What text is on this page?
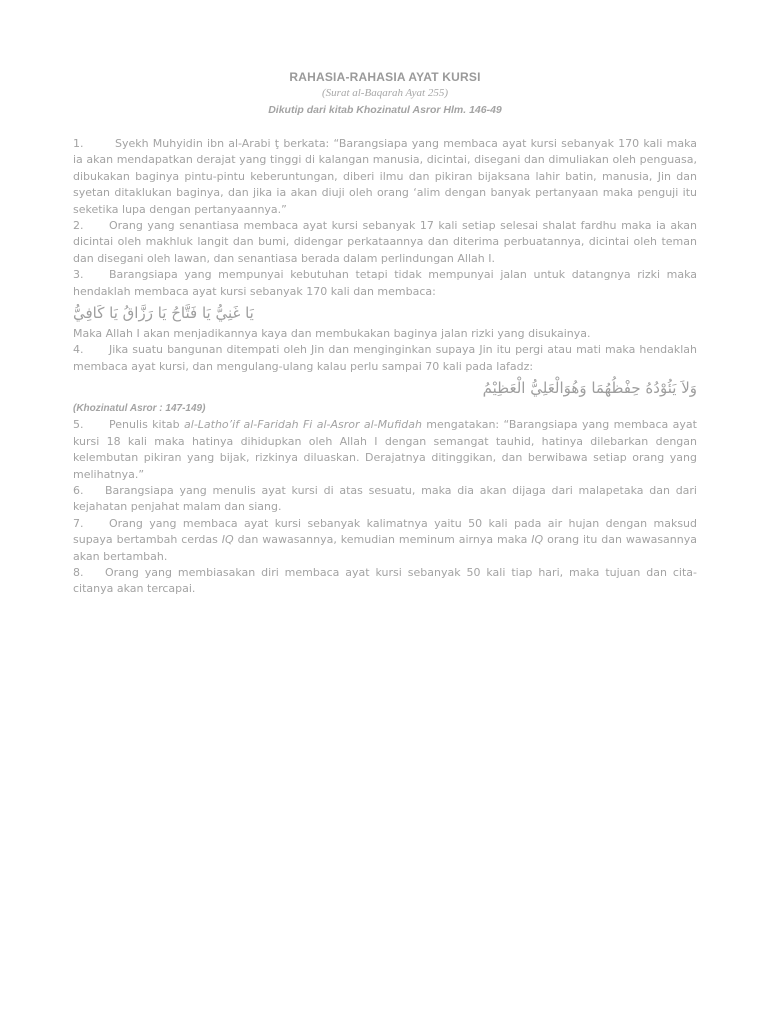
RAHASIA-RAHASIA AYAT KURSI
(Surat al-Baqarah Ayat 255)
Dikutip dari kitab Khozinatul Asror Hlm. 146-49

1.	Syekh Muhyidin ibn al-Arabi ţ berkata: “Barangsiapa yang membaca ayat kursi sebanyak 170 kali maka ia akan mendapatkan derajat yang tinggi di kalangan manusia, dicintai, disegani dan dimuliakan oleh penguasa, dibukakan baginya pintu-pintu keberuntungan, diberi ilmu dan pikiran bijaksana lahir batin, manusia, Jin dan syetan ditaklukan baginya, dan jika ia akan diuji oleh orang ‘alim dengan banyak pertanyaan maka penguji itu seketika lupa dengan pertanyaannya.”

2. Orang yang senantiasa membaca ayat kursi sebanyak 17 kali setiap selesai shalat fardhu maka ia akan dicintai oleh makhluk langit dan bumi, didengar perkataannya dan diterima perbuatannya, dicintai oleh teman dan disegani oleh lawan, dan senantiasa berada dalam perlindungan Allah I.

3. Barangsiapa yang mempunyai kebutuhan tetapi tidak mempunyai jalan untuk datangnya rizki maka hendaklah membaca ayat kursi sebanyak 170 kali dan membaca:

يَا غَنِيُّ يَا فَتَّاحُ يَا رَزَّاقُ يَا كَافِيُّ

Maka Allah I akan menjadikannya kaya dan membukakan baginya jalan rizki yang disukainya.

4. Jika suatu bangunan ditempati oleh Jin dan menginginkan supaya Jin itu pergi atau mati maka hendaklah membaca ayat kursi, dan mengulang-ulang kalau perlu sampai 70 kali pada lafadz:

وَلاَ يَئُوْدُهُ حِفْظُهُمَا وَهُوَالْعَلِيُّ الْعَظِيْمُ
(Khozinatul Asror : 147-149)

5. Penulis kitab al-Latho’if al-Faridah Fi al-Asror al-Mufidah mengatakan: “Barangsiapa yang membaca ayat kursi 18 kali maka hatinya dihidupkan oleh Allah I dengan semangat tauhid, hatinya dilebarkan dengan kelembutan pikiran yang bijak, rizkinya diluaskan. Derajatnya ditinggikan, dan berwibawa setiap orang yang melihatnya.”

6. Barangsiapa yang menulis ayat kursi di atas sesuatu, maka dia akan dijaga dari malapetaka dan dari kejahatan penjahat malam dan siang.

7. Orang yang membaca ayat kursi sebanyak kalimatnya yaitu 50 kali pada air hujan dengan maksud supaya bertambah cerdas IQ dan wawasannya, kemudian meminum airnya maka IQ orang itu dan wawasannya akan bertambah.

8. Orang yang membiasakan diri membaca ayat kursi sebanyak 50 kali tiap hari, maka tujuan dan cita-citanya akan tercapai.
